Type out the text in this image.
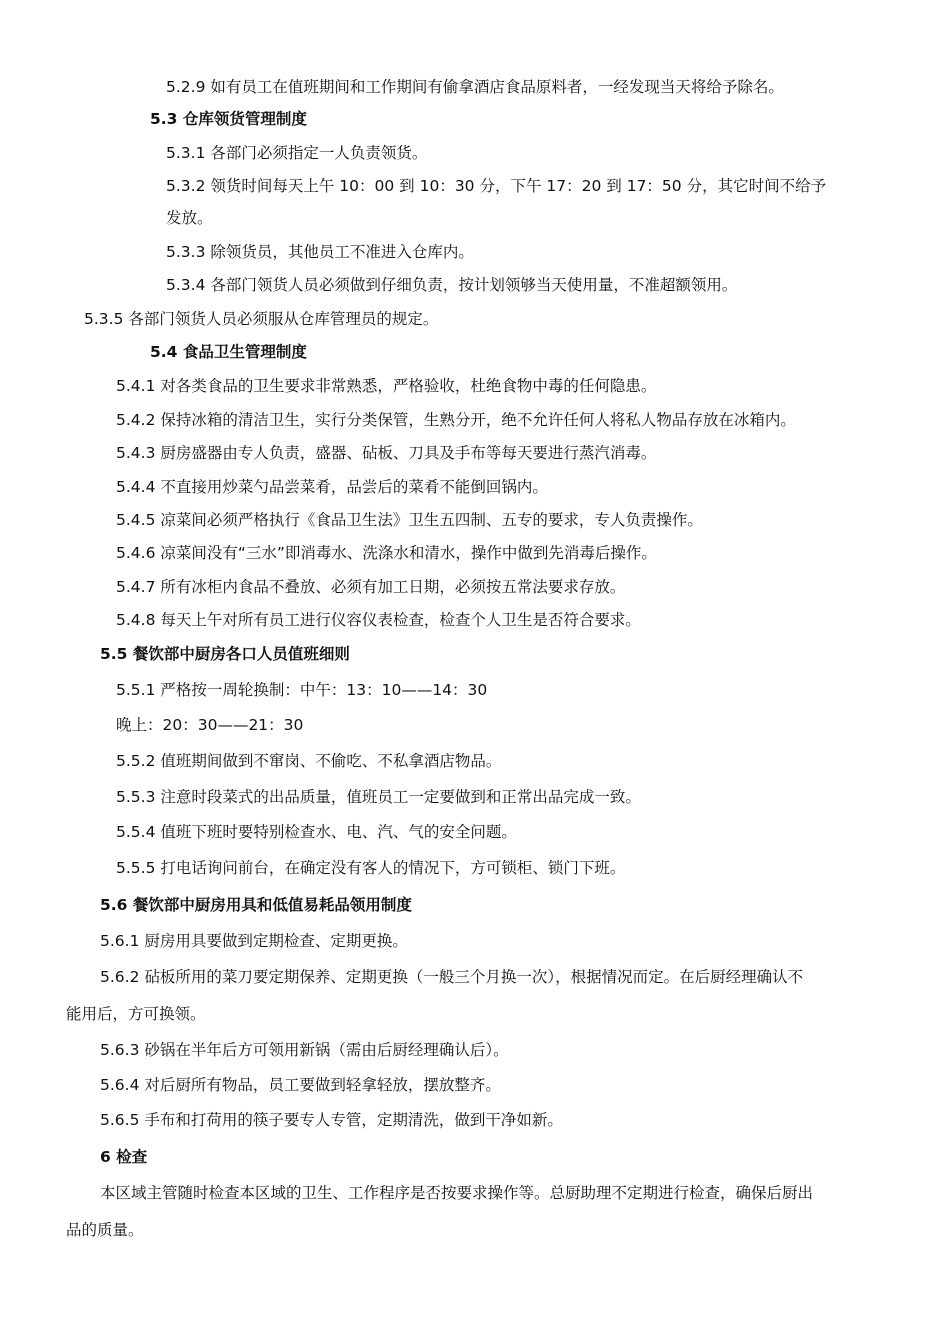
5.2.9 如有员工在值班期间和工作期间有偷拿酒店食品原料者，一经发现当天将给予除名。
5.3 仓库领货管理制度
5.3.1 各部门必须指定一人负责领货。
5.3.2 领货时间每天上午 10：00 到 10：30 分，下午 17：20 到 17：50 分，其它时间不给予
发放。
5.3.3 除领货员，其他员工不准进入仓库内。
5.3.4 各部门领货人员必须做到仔细负责，按计划领够当天使用量，不准超额领用。
5.3.5 各部门领货人员必须服从仓库管理员的规定。
5.4 食品卫生管理制度
5.4.1 对各类食品的卫生要求非常熟悉，严格验收，杜绝食物中毒的任何隐患。
5.4.2 保持冰箱的清洁卫生，实行分类保管，生熟分开，绝不允许任何人将私人物品存放在冰箱内。
5.4.3 厨房盛器由专人负责，盛器、砧板、刀具及手布等每天要进行蒸汽消毒。
5.4.4 不直接用炒菜勺品尝菜肴，品尝后的菜肴不能倒回锅内。
5.4.5 凉菜间必须严格执行《食品卫生法》卫生五四制、五专的要求，专人负责操作。
5.4.6 凉菜间没有“三水”即消毒水、洗涤水和清水，操作中做到先消毒后操作。
5.4.7 所有冰柜内食品不叠放、必须有加工日期，必须按五常法要求存放。
5.4.8 每天上午对所有员工进行仪容仪表检查，检查个人卫生是否符合要求。
5.5 餐饮部中厨房各口人员值班细则
5.5.1 严格按一周轮换制：中午：13：10——14：30
晚上：20：30——21：30
5.5.2 值班期间做到不窜岗、不偷吃、不私拿酒店物品。
5.5.3 注意时段菜式的出品质量，值班员工一定要做到和正常出品完成一致。
5.5.4 值班下班时要特别检查水、电、汽、气的安全问题。
5.5.5 打电话询问前台，在确定没有客人的情况下，方可锁柜、锁门下班。
5.6 餐饮部中厨房用具和低值易耗品领用制度
5.6.1 厨房用具要做到定期检查、定期更换。
5.6.2 砧板所用的菜刀要定期保养、定期更换（一般三个月换一次），根据情况而定。在后厨经理确认不
能用后，方可换领。
5.6.3 砂锅在半年后方可领用新锅（需由后厨经理确认后）。
5.6.4 对后厨所有物品，员工要做到轻拿轻放，摆放整齐。
5.6.5 手布和打荷用的筷子要专人专管，定期清洗，做到干净如新。
6 检查
本区域主管随时检查本区域的卫生、工作程序是否按要求操作等。总厨助理不定期进行检查，确保后厨出
品的质量。
